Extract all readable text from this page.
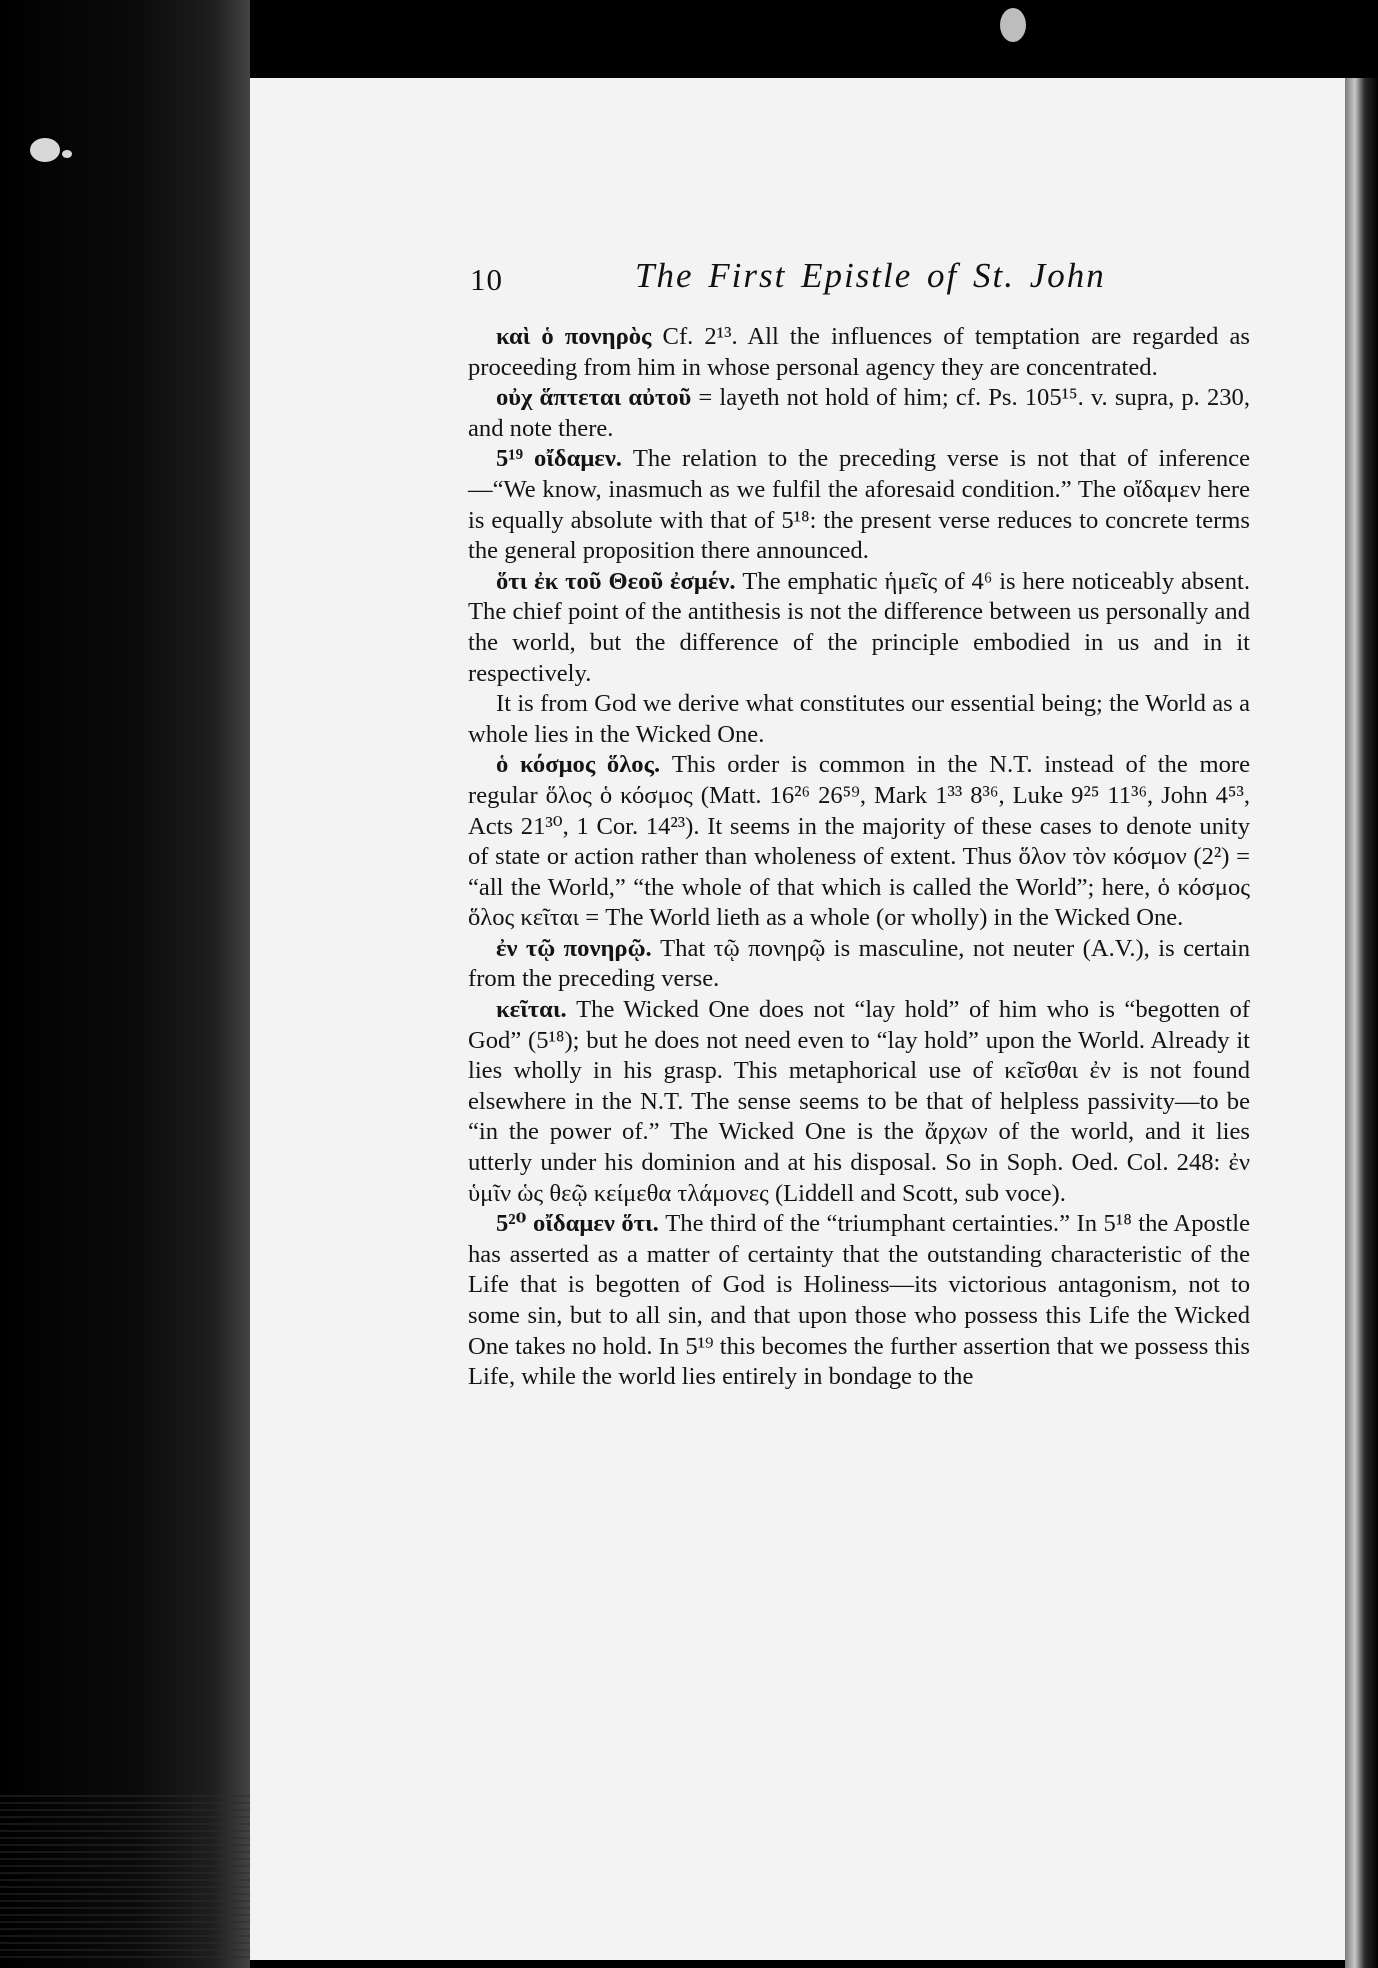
10	The First Epistle of St. John

καὶ ὁ πονηρὸς Cf. 2¹³. All the influences of temptation are regarded as proceeding from him in whose personal agency they are concentrated.

οὐχ ἅπτεται αὐτοῦ = layeth not hold of him; cf. Ps. 105¹⁵. v. supra, p. 230, and note there.

5¹⁹ οἴδαμεν. The relation to the preceding verse is not that of inference—“We know, inasmuch as we fulfil the aforesaid condition.” The οἴδαμεν here is equally absolute with that of 5¹⁸: the present verse reduces to concrete terms the general proposition there announced.

ὅτι ἐκ τοῦ Θεοῦ ἐσμέν. The emphatic ἡμεῖς of 4⁶ is here noticeably absent. The chief point of the antithesis is not the difference between us personally and the world, but the difference of the principle embodied in us and in it respectively.

It is from God we derive what constitutes our essential being; the World as a whole lies in the Wicked One.

ὁ κόσμος ὅλος. This order is common in the N.T. instead of the more regular ὅλος ὁ κόσμος (Matt. 16²⁶ 26⁵⁹, Mark 1³³ 8³⁶, Luke 9²⁵ 11³⁶, John 4⁵³, Acts 21³⁰, 1 Cor. 14²³). It seems in the majority of these cases to denote unity of state or action rather than wholeness of extent. Thus ὅλον τὸν κόσμον (2²) = “all the World,” “the whole of that which is called the World”; here, ὁ κόσμος ὅλος κεῖται = The World lieth as a whole (or wholly) in the Wicked One.

ἐν τῷ πονηρῷ. That τῷ πονηρῷ is masculine, not neuter (A.V.), is certain from the preceding verse.

κεῖται. The Wicked One does not “lay hold” of him who is “begotten of God” (5¹⁸); but he does not need even to “lay hold” upon the World. Already it lies wholly in his grasp. This metaphorical use of κεῖσθαι ἐν is not found elsewhere in the N.T. The sense seems to be that of helpless passivity—to be “in the power of.” The Wicked One is the ἄρχων of the world, and it lies utterly under his dominion and at his disposal. So in Soph. Oed. Col. 248: ἐν ὑμῖν ὡς θεῷ κείμεθα τλάμονες (Liddell and Scott, sub voce).

5²⁰ οἴδαμεν ὅτι. The third of the “triumphant certainties.” In 5¹⁸ the Apostle has asserted as a matter of certainty that the outstanding characteristic of the Life that is begotten of God is Holiness—its victorious antagonism, not to some sin, but to all sin, and that upon those who possess this Life the Wicked One takes no hold. In 5¹⁹ this becomes the further assertion that we possess this Life, while the world lies entirely in bondage to the
